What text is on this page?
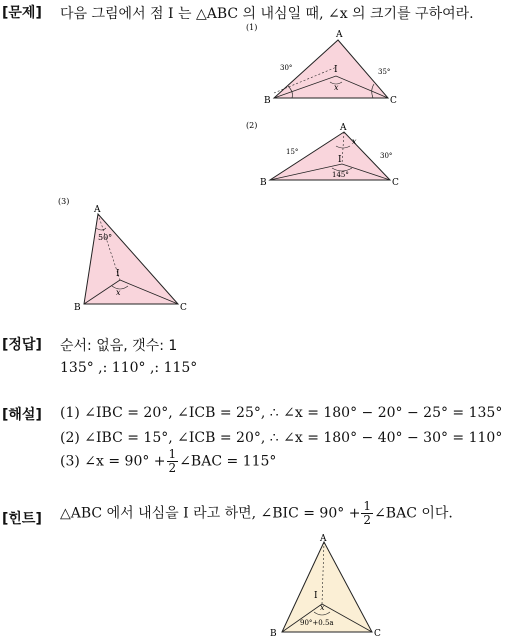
[문제] 다음 그림에서 점 I 는 △ABC 의 내심일 때, ∠x 의 크기를 구하여라.
(1)
A
B	C
I
x
30°	35°
(2)	A
B	C
I
x
15°	30°
145°
(3)
A
B	C
I
x
50°
[정답] 순서: 없음, 갯수: 1
135° ,: 110° ,: 115°
[해설] (1) ∠IBC = 20°, ∠ICB = 25°, ∴ ∠x = 180° − 20° − 25° = 135°
(2) ∠IBC = 15°, ∠ICB = 20°, ∴ ∠x = 180° − 40° − 30° = 110°
(3) ∠x = $90^\circ + \frac{1}{2}$ ∠BAC = 115°
[힌트] △ABC 에서 내심을 I 라고 하면, ∠BIC = $90^\circ + \frac{1}{2}$ ∠BAC 이다.
A
B	C
I
x
90°+0.5a
